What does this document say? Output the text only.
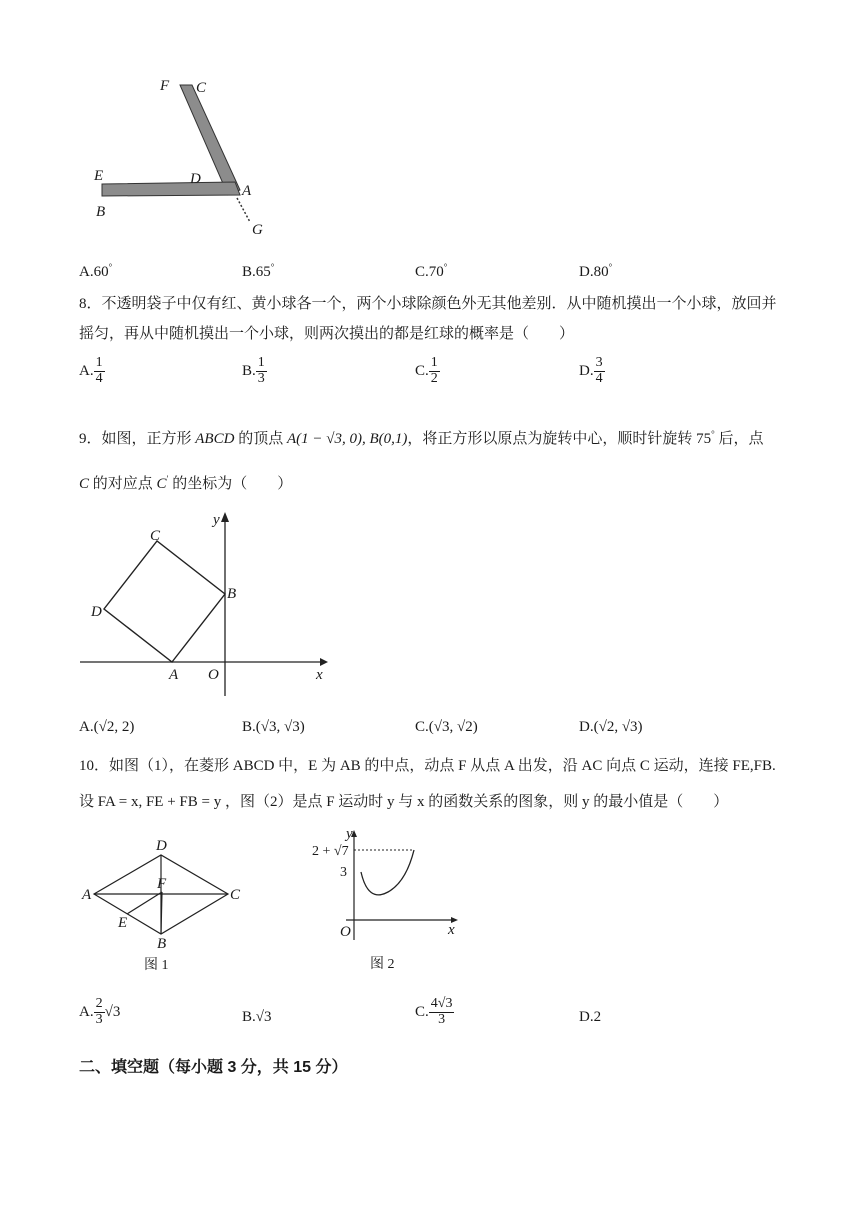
F C
E	D
A
B
G
A.60°	B.65°	C.70°	D.80°
8．不透明袋子中仅有红、黄小球各一个，两个小球除颜色外无其他差别．从中随机摸出一个小球，放回并
摇匀，再从中随机摸出一个小球，则两次摸出的都是红球的概率是（　　）
A. $\frac{1}{4}$	B. $\frac{1}{3}$	C. $\frac{1}{2}$	D. $\frac{3}{4}$
9．如图，正方形 ABCD 的顶点 A(1 − √3, 0), B(0,1)，将正方形以原点为旋转中心，顺时针旋转 75° 后，点
C 的对应点 C′ 的坐标为（　　）
C
y
B
D
A O	x
A.(√2, 2)	B.(√3, √3)	C.(√3, √2)	D.(√2, √3)
10．如图（1），在菱形 ABCD 中，E 为 AB 的中点，动点 F 从点 A 出发，沿 AC 向点 C 运动，连接 FE,FB.
设 FA = x, FE + FB = y ，图（2）是点 F 运动时 y 与 x 的函数关系的图象，则 y 的最小值是（　　）
D
A
F
C
E
B
图 1
y
2 + √7
3
O	x
图 2
A. $\frac{2}{3} √3$	B.√3	C. $\frac{4√3}{3}$	D.2
二、填空题（每小题 3 分，共 15 分）
